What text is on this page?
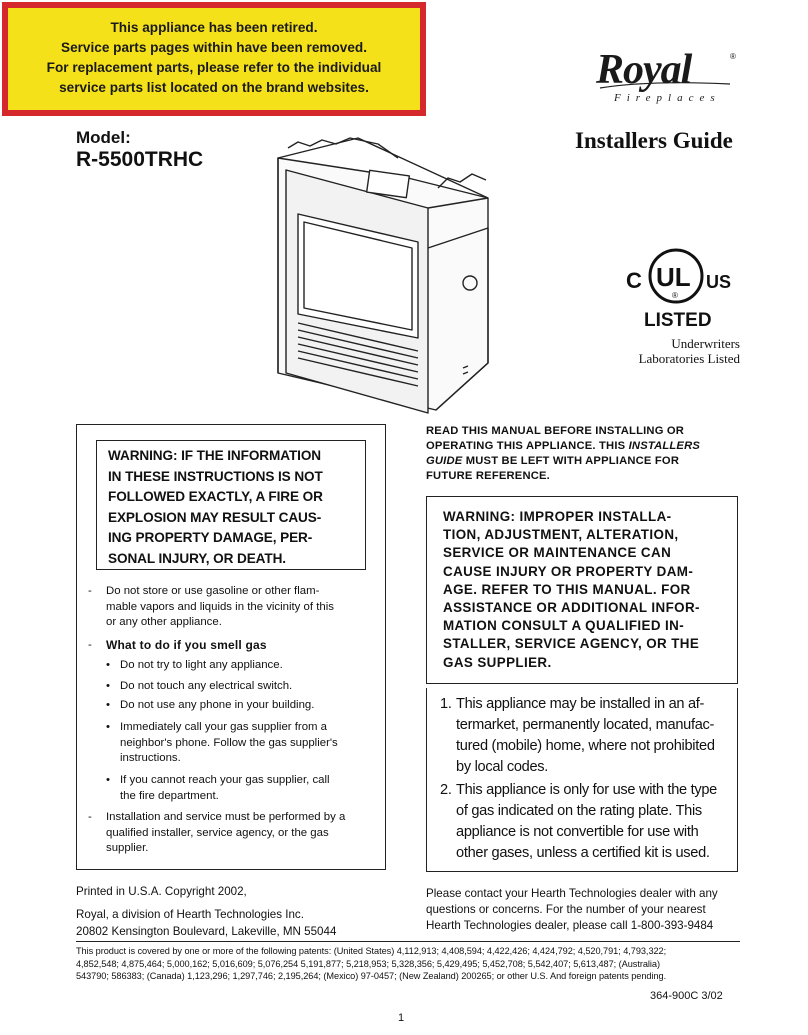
This appliance has been retired.
Service parts pages within have been removed.
For replacement parts, please refer to the individual
service parts list located on the brand websites.	Royal	®
Fireplaces
Model:
R-5500TRHC
Installers Guide
C UL
®
US
LISTED
Underwriters
Laboratories Listed

WARNING: IF THE INFORMATION

IN THESE INSTRUCTIONS IS NOT

FOLLOWED EXACTLY, A FIRE OR

EXPLOSION MAY RESULT CAUS-

ING PROPERTY DAMAGE, PER-

SONAL INJURY, OR DEATH.

- Do not store or use gasoline or other flam-
mable vapors and liquids in the vicinity of this
or any other appliance.
- What to do if you smell gas
• Do not try to light any appliance.
• Do not touch any electrical switch.
• Do not use any phone in your building.
• Immediately call your gas supplier from a
neighbor's phone. Follow the gas supplier's
instructions.
• If you cannot reach your gas supplier, call
the fire department.
- Installation and service must be performed by a
qualified installer, service agency, or the gas
supplier.
READ THIS MANUAL BEFORE INSTALLING OR
OPERATING THIS APPLIANCE. THIS INSTALLERS
GUIDE MUST BE LEFT WITH APPLIANCE FOR
FUTURE REFERENCE.

WARNING: IMPROPER INSTALLA-

TION, ADJUSTMENT, ALTERATION,

SERVICE OR MAINTENANCE CAN

CAUSE INJURY OR PROPERTY DAM-

AGE. REFER TO THIS MANUAL. FOR

ASSISTANCE OR ADDITIONAL INFOR-

MATION CONSULT A QUALIFIED IN-

STALLER, SERVICE AGENCY, OR THE

GAS SUPPLIER.

1. This appliance may be installed in an af-
termarket, permanently located, manufac-
tured (mobile) home, where not prohibited
by local codes.
2. This appliance is only for use with the type
of gas indicated on the rating plate. This
appliance is not convertible for use with
other gases, unless a certified kit is used.
Printed in U.S.A. Copyright 2002,
Royal, a division of Hearth Technologies Inc.
20802 Kensington Boulevard, Lakeville, MN 55044
Please contact your Hearth Technologies dealer with any
questions or concerns. For the number of your nearest
Hearth Technologies dealer, please call 1-800-393-9484
This product is covered by one or more of the following patents: (United States) 4,112,913; 4,408,594; 4,422,426; 4,424,792; 4,520,791; 4,793,322;
4,852,548; 4,875,464; 5,000,162; 5,016,609; 5,076,254 5,191,877; 5,218,953; 5,328,356; 5,429,495; 5,452,708; 5,542,407; 5,613,487; (Australia)
543790; 586383; (Canada) 1,123,296; 1,297,746; 2,195,264; (Mexico) 97-0457; (New Zealand) 200265; or other U.S. And foreign patents pending.
364-900C 3/02
1
